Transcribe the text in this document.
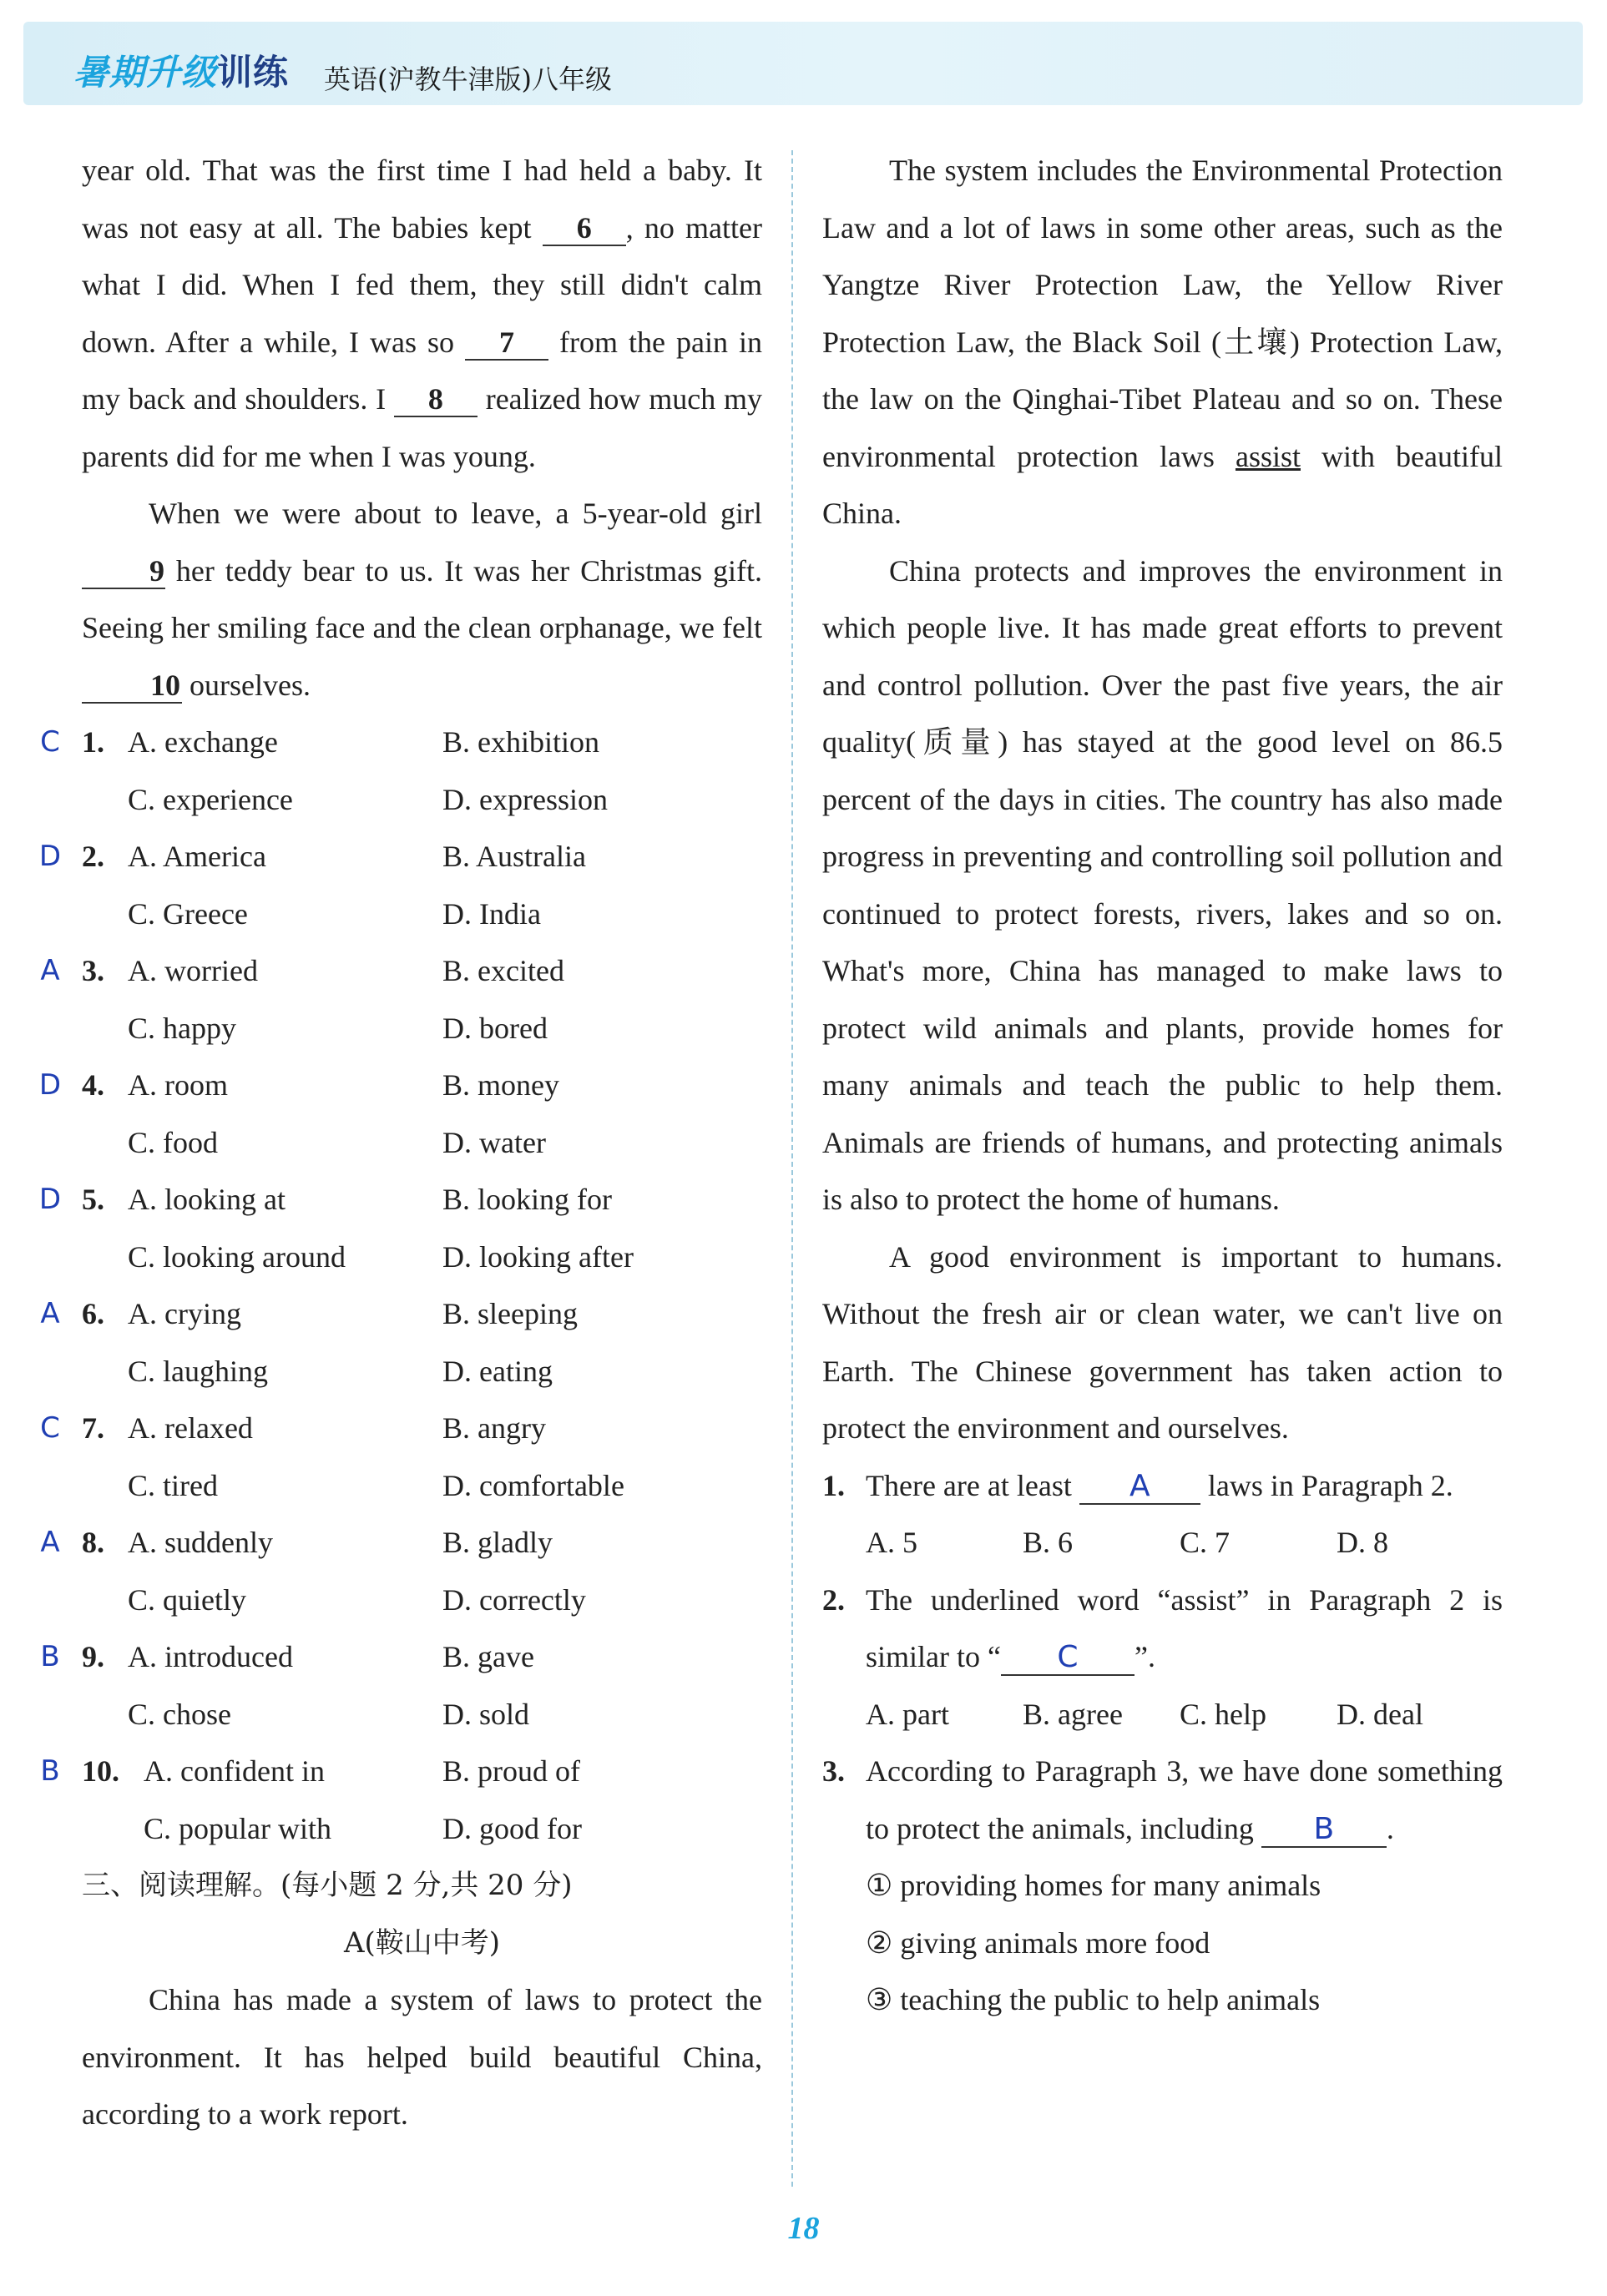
暑期升级训练 英语(沪教牛津版)八年级

year old. That was the first time I had held a baby. It was not easy at all. The babies kept 6 , no matter what I did. When I fed them, they still didn't calm down. After a while, I was so 7 from the pain in my back and shoulders. I 8 realized how much my parents did for me when I was young.

When we were about to leave, a 5-year-old girl 9 her teddy bear to us. It was her Christmas gift. Seeing her smiling face and the clean orphanage, we felt 10 ourselves.

C 1. A. exchange	B. exhibition
C. experience	D. expression
D 2. A. America	B. Australia
C. Greece	D. India
A 3. A. worried	B. excited
C. happy	D. bored
D 4. A. room	B. money
C. food	D. water
D 5. A. looking at	B. looking for
C. looking around	D. looking after
A 6. A. crying	B. sleeping
C. laughing	D. eating
C 7. A. relaxed	B. angry
C. tired	D. comfortable
A 8. A. suddenly	B. gladly
C. quietly	D. correctly
B 9. A. introduced	B. gave
C. chose	D. sold
B 10. A. confident in	B. proud of
C. popular with	D. good for
三、阅读理解。(每小题 2 分,共 20 分)
A(鞍山中考)

China has made a system of laws to protect the environment. It has helped build beautiful China, according to a work report.

The system includes the Environmental Protection Law and a lot of laws in some other areas, such as the Yangtze River Protection Law, the Yellow River Protection Law, the Black Soil (土壤) Protection Law, the law on the Qinghai-Tibet Plateau and so on. These environmental protection laws assist with beautiful China.

China protects and improves the environment in which people live. It has made great efforts to prevent and control pollution. Over the past five years, the air quality(质量) has stayed at the good level on 86.5 percent of the days in cities. The country has also made progress in preventing and controlling soil pollution and continued to protect forests, rivers, lakes and so on. What's more, China has managed to make laws to protect wild animals and plants, provide homes for many animals and teach the public to help them. Animals are friends of humans, and protecting animals is also to protect the home of humans.

A good environment is important to humans. Without the fresh air or clean water, we can't live on Earth. The Chinese government has taken action to protect the environment and ourselves.

1. There are at least A laws in Paragraph 2.
A. 5	B. 6	C. 7	D. 8
2. The underlined word “assist” in Paragraph 2 is similar to “ C ”.
A. part B. agree C. help D. deal
3. According to Paragraph 3, we have done something to protect the animals, including B .
① providing homes for many animals
② giving animals more food
③ teaching the public to help animals
18
